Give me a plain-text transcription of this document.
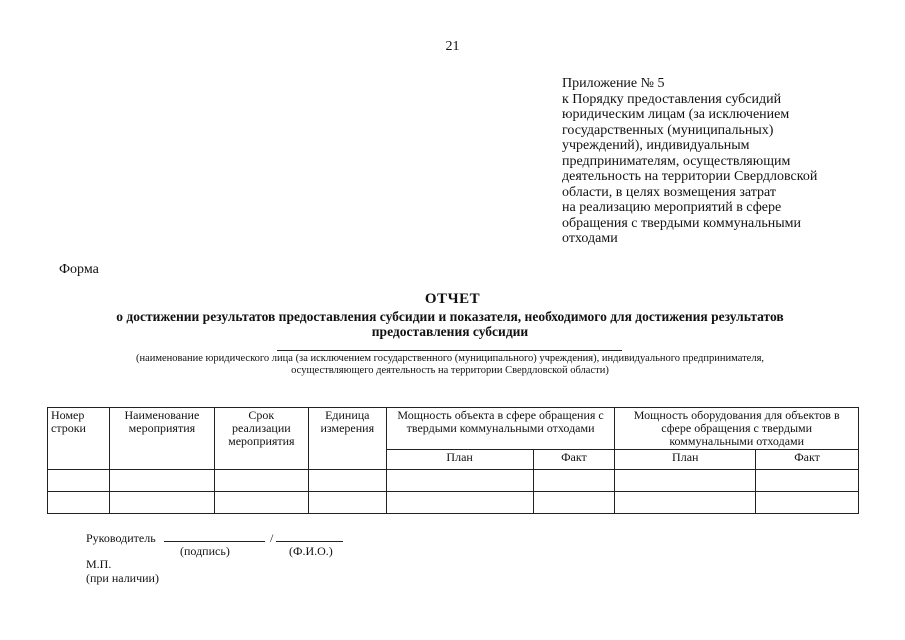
21
Приложение № 5
к Порядку предоставления субсидий
юридическим лицам (за исключением
государственных (муниципальных)
учреждений), индивидуальным
предпринимателям, осуществляющим
деятельность на территории Свердловской
области, в целях возмещения затрат
на реализацию мероприятий в сфере
обращения с твердыми коммунальными
отходами
Форма
ОТЧЕТ
о достижении результатов предоставления субсидии и показателя, необходимого для достижения результатов
предоставления субсидии
(наименование юридического лица (за исключением государственного (муниципального) учреждения), индивидуального предпринимателя,
осуществляющего деятельность на территории Свердловской области)
Номер строки	Наименование мероприятия	Срок реализации мероприятия	Единица измерения	Мощность объекта в сфере обращения с твердыми коммунальными отходами		Мощность оборудования для объектов в сфере обращения с твердыми коммунальными отходами	
				План	Факт	План	Факт

Руководитель	/
(подпись)	(Ф.И.О.)
М.П.
(при наличии)
